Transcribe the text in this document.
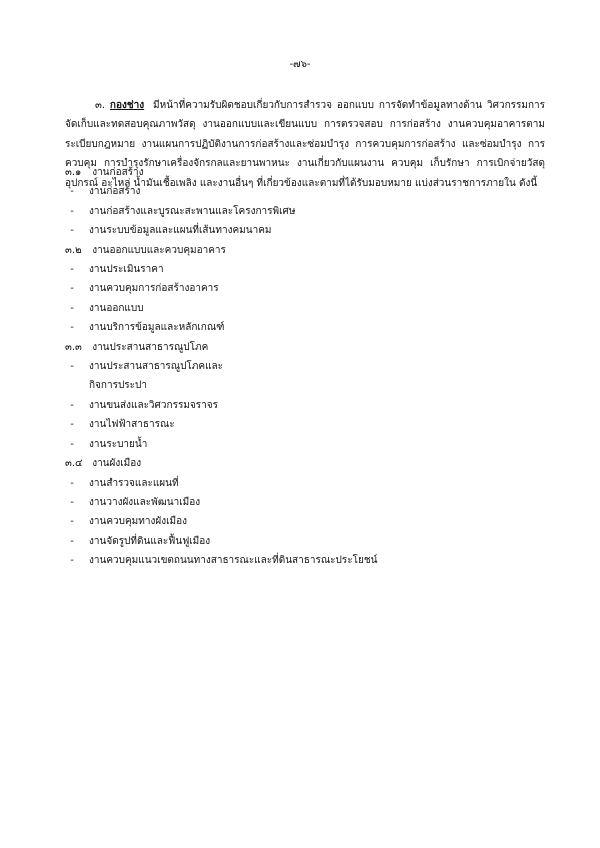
-๗๖-
๓. กองช่าง มีหน้าที่ความรับผิดชอบเกี่ยวกับการสำรวจ ออกแบบ การจัดทำข้อมูลทางด้าน วิศวกรรมการ จัดเก็บและทดสอบคุณภาพวัสดุ งานออกแบบและเขียนแบบ การตรวจสอบ การก่อสร้าง งานควบคุมอาคารตาม ระเบียบกฎหมาย งานแผนการปฏิบัติงานการก่อสร้างและซ่อมบำรุง การควบคุมการก่อสร้าง และซ่อมบำรุง การ ควบคุม การบำรุงรักษาเครื่องจักรกลและยานพาหนะ งานเกี่ยวกับแผนงาน ควบคุม เก็บรักษา การเบิกจ่ายวัสดุ อุปกรณ์ อะไหล่ น้ำมันเชื้อเพลิง และงานอื่นๆ ที่เกี่ยวข้องและตามที่ได้รับมอบหมาย แบ่งส่วนราชการภายใน ดังนี้
๓.๑ งานก่อสร้าง
-	งานก่อสร้าง
-	งานก่อสร้างและบูรณะสะพานและโครงการพิเศษ
-	งานระบบข้อมูลและแผนที่เส้นทางคมนาคม
๓.๒ งานออกแบบและควบคุมอาคาร
-	งานประเมินราคา
-	งานควบคุมการก่อสร้างอาคาร
-	งานออกแบบ
-	งานบริการข้อมูลและหลักเกณฑ์
๓.๓ งานประสานสาธารณูปโภค
-	งานประสานสาธารณูปโภคและ
กิจการประปา
-	งานขนส่งและวิศวกรรมจราจร
-	งานไฟฟ้าสาธารณะ
-	งานระบายน้ำ
๓.๔ งานผังเมือง
-	งานสำรวจและแผนที่
-	งานวางผังและพัฒนาเมือง
-	งานควบคุมทางผังเมือง
-	งานจัดรูปที่ดินและฟื้นฟูเมือง
-	งานควบคุมแนวเขตถนนทางสาธารณะและที่ดินสาธารณะประโยชน์
